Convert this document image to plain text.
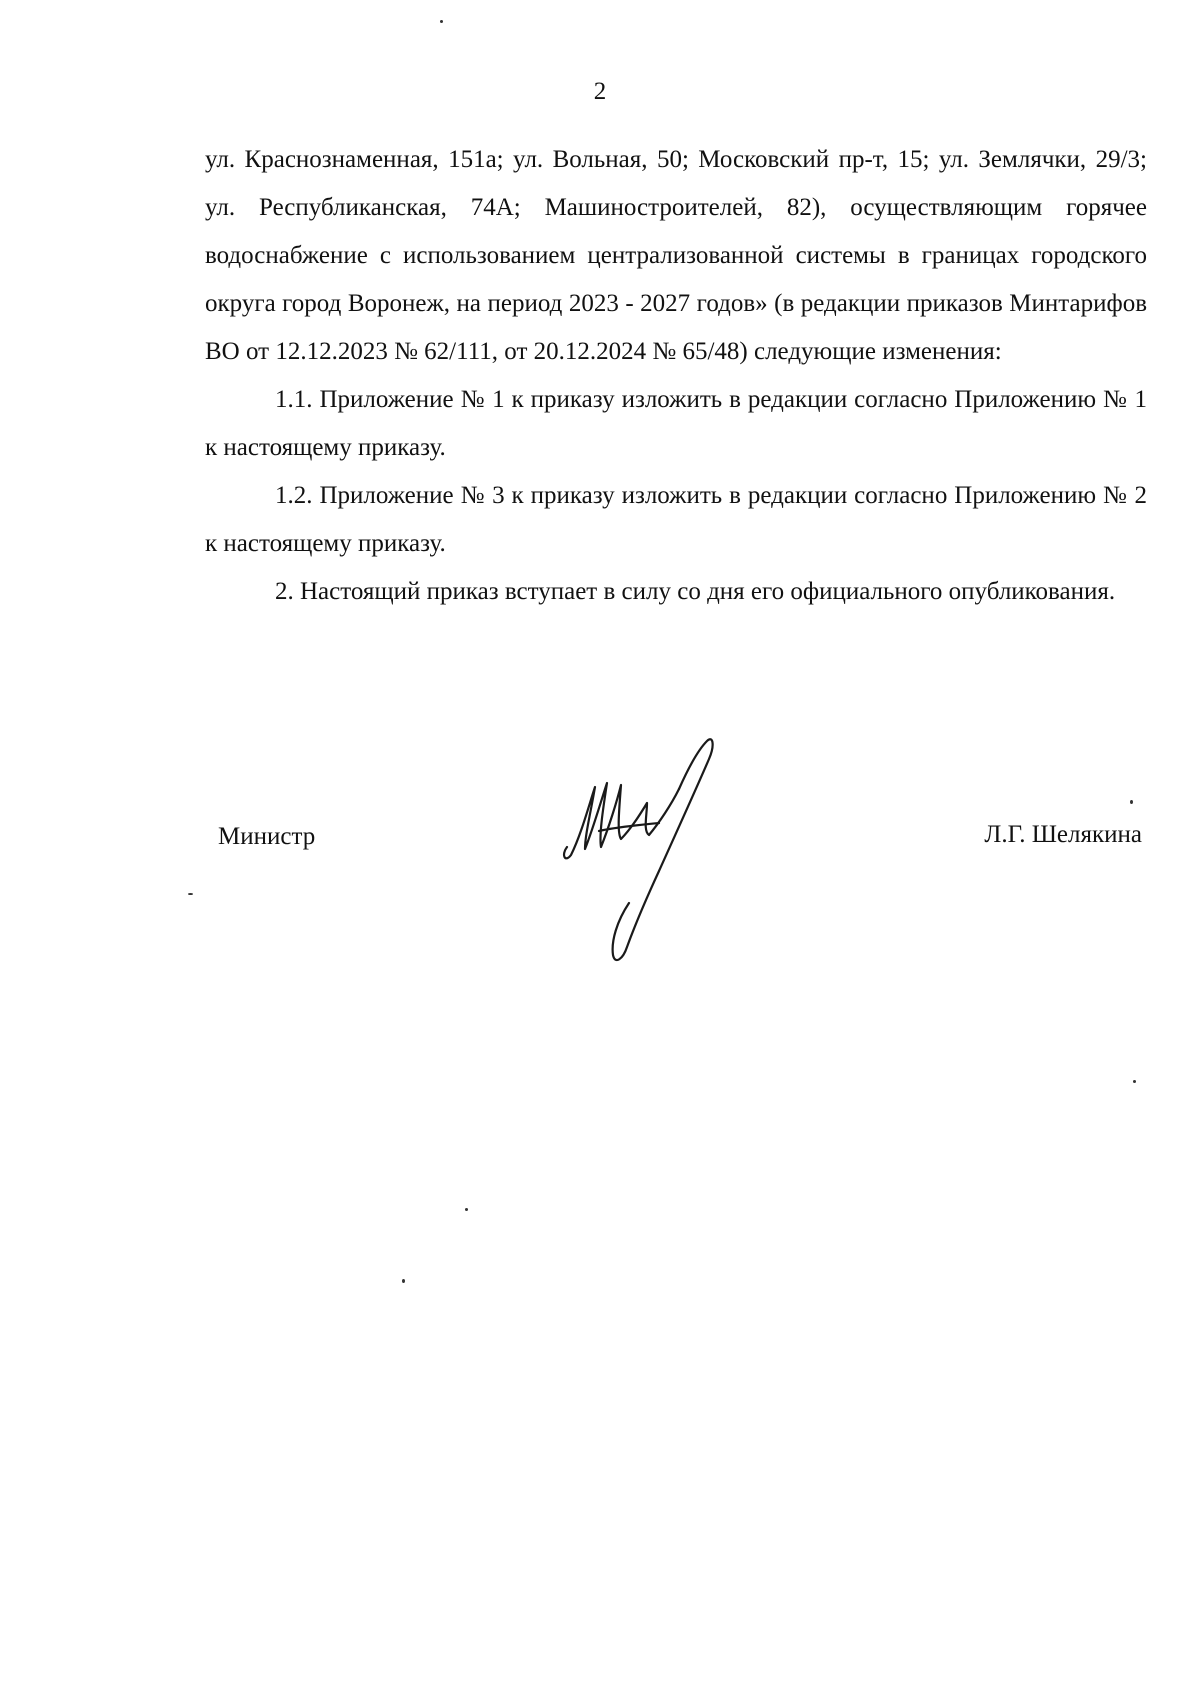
2

ул. Краснознаменная, 151а; ул. Вольная, 50; Московский пр-т, 15; ул. Землячки, 29/3; ул. Республиканская, 74А; Машиностроителей, 82), осуществляющим горячее водоснабжение с использованием централизованной системы в границах городского округа город Воронеж, на период 2023 - 2027 годов» (в редакции приказов Минтарифов ВО от 12.12.2023 № 62/111, от 20.12.2024 № 65/48) следующие изменения:

1.1. Приложение № 1 к приказу изложить в редакции согласно Приложению № 1 к настоящему приказу.

1.2. Приложение № 3 к приказу изложить в редакции согласно Приложению № 2 к настоящему приказу.

2. Настоящий приказ вступает в силу со дня его официального опубликования.

Министр	Л.Г. Шелякина
